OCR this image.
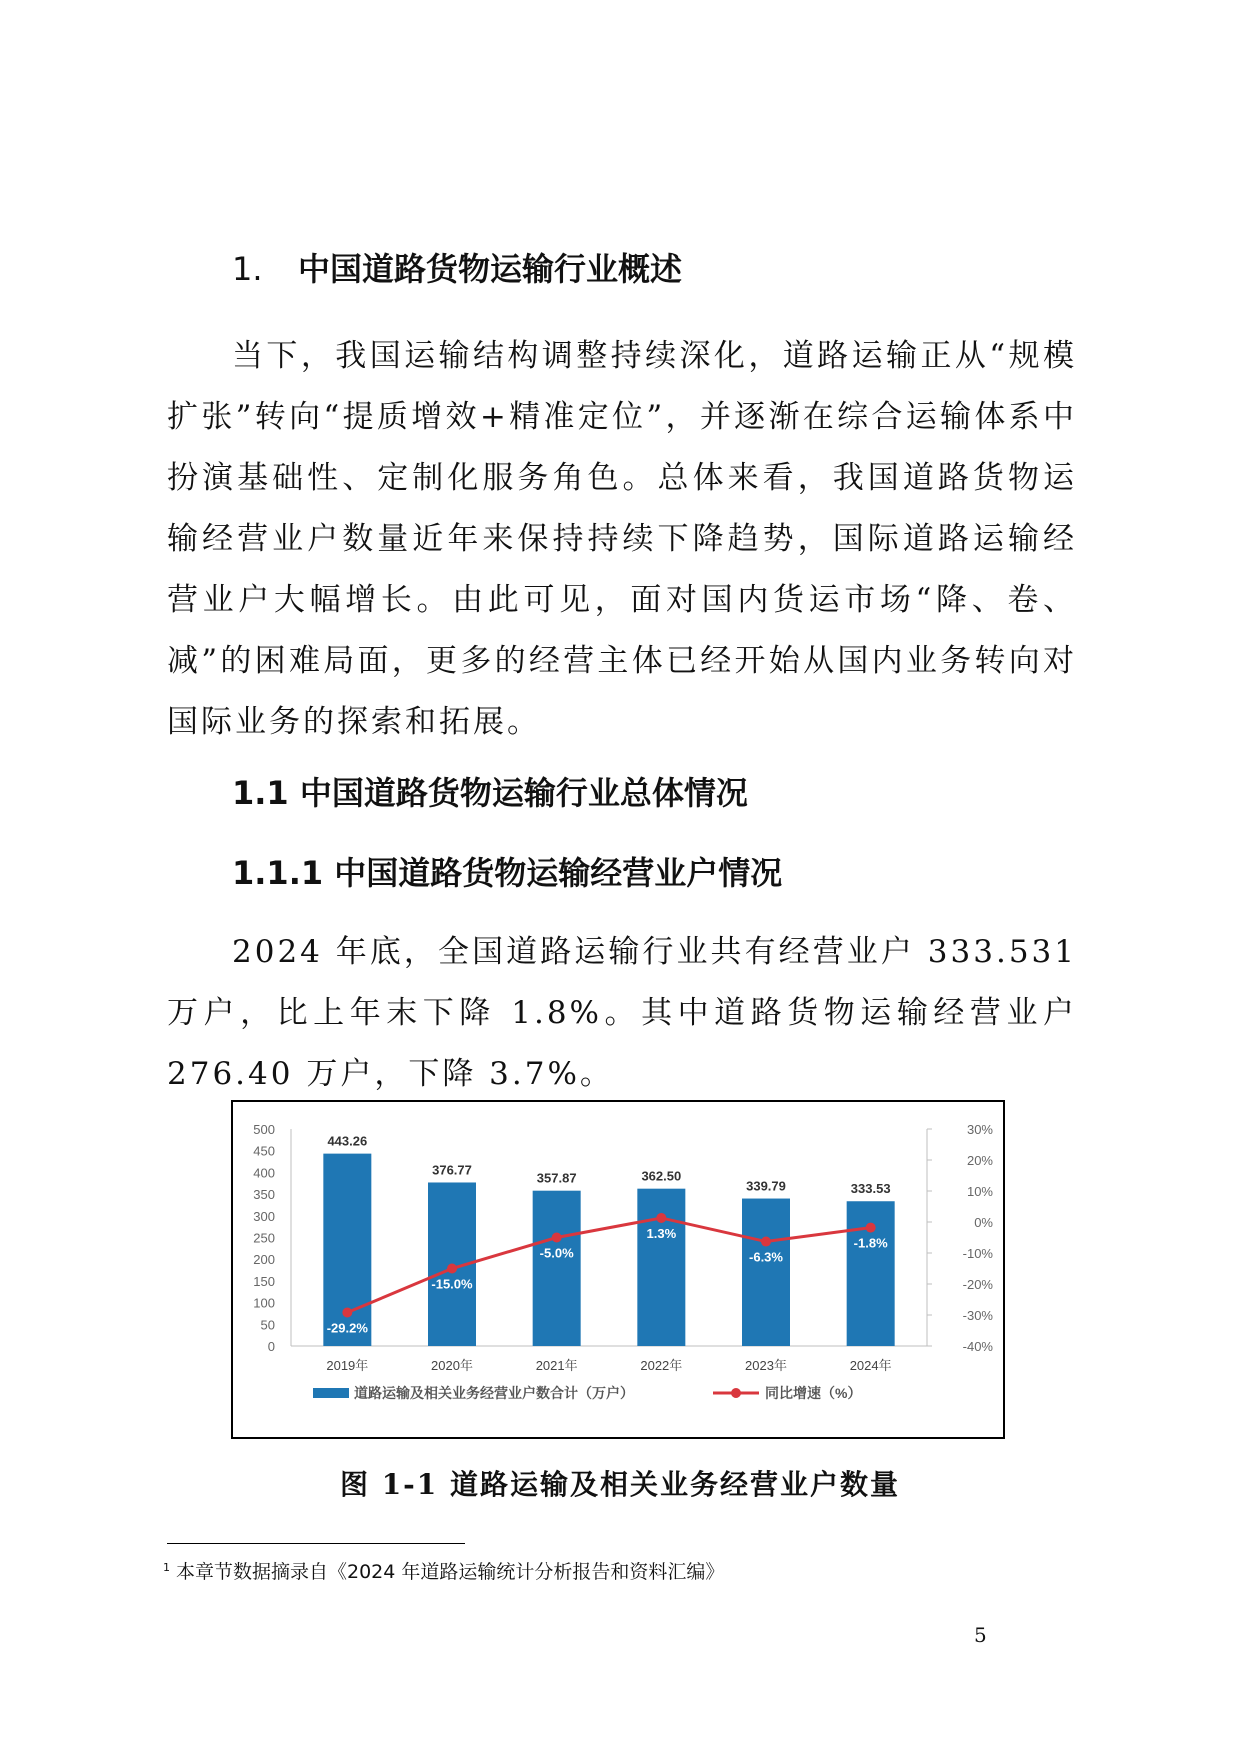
1. 中国道路货物运输行业概述

当下，我国运输结构调整持续深化，道路运输正从“规模扩张”转向“提质增效+精准定位”，并逐渐在综合运输体系中扮演基础性、定制化服务角色。总体来看，我国道路货物运输经营业户数量近年来保持持续下降趋势，国际道路运输经营业户大幅增长。由此可见，面对国内货运市场“降、卷、减”的困难局面，更多的经营主体已经开始从国内业务转向对国际业务的探索和拓展。

1.1 中国道路货物运输行业总体情况
1.1.1 中国道路货物运输经营业户情况

2024 年底，全国道路运输行业共有经营业户 333.531万户，比上年末下降 1.8%。其中道路货物运输经营业户 276.40 万户，下降 3.7%。

0
50
100
150
200
250
300
350
400
450
500
-40%
-30%
-20%
-10%
0%
10%
20%
30%
443.26
376.77
357.87	362.50
339.79	333.53
2019年	2020年	2021年	2022年	2023年	2024年
-29.2%
-15.0%
-5.0%
1.3%
-6.3%
-1.8%
道路运输及相关业务经营业户数合计（万户）	同比增速（%）
图 1-1 道路运输及相关业务经营业户数量
$^1$ 本章节数据摘录自《2024 年道路运输统计分析报告和资料汇编》
5
